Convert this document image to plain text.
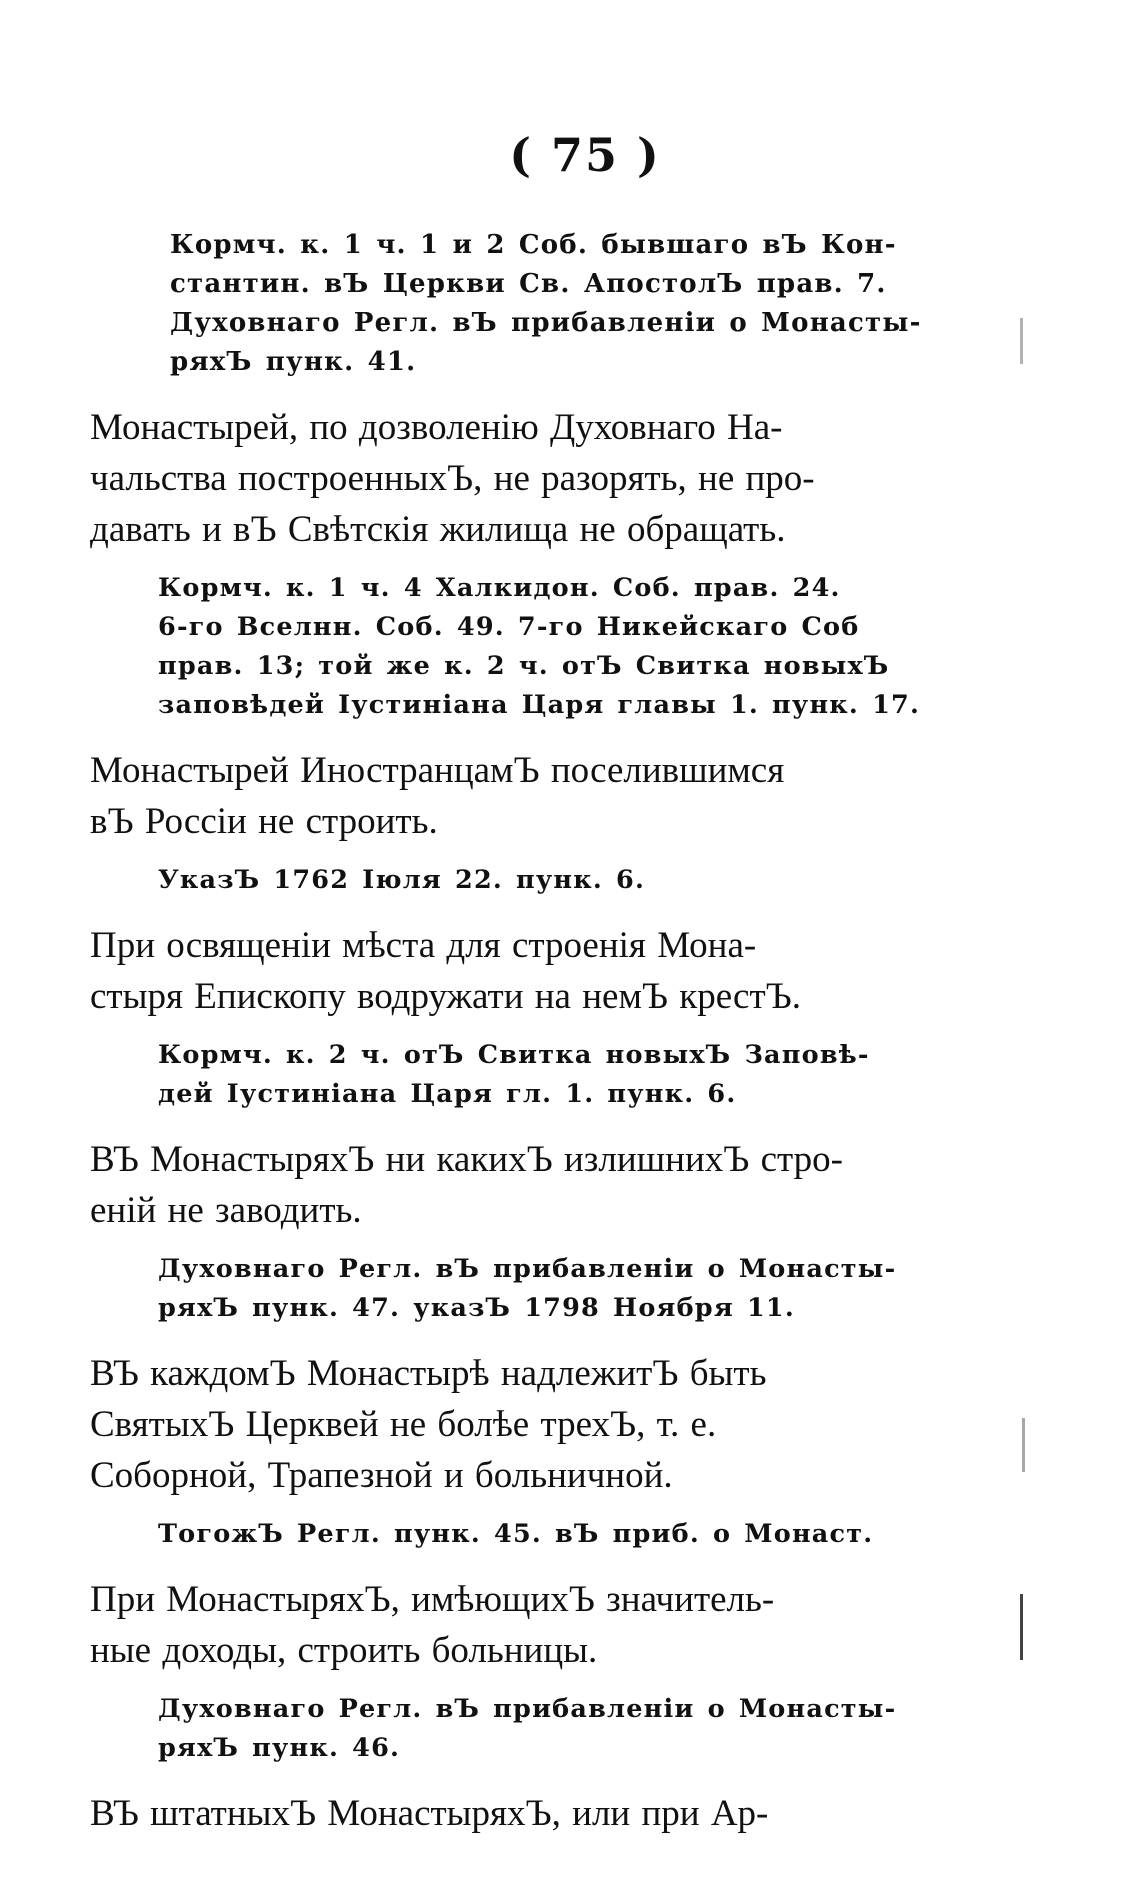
( 75 )
Кормч. к. 1 ч. 1 и 2 Соб. бывшаго вЪ Кон-
стантин. вЪ Церкви Св. АпостолЪ прав. 7.
Духовнаго Регл. вЪ прибавленіи о Монасты-
ряхЪ пунк. 41.
Монастырей, по дозволенію Духовнаго На-
чальства построенныхЪ, не разорять, не про-
давать и вЪ Свѣтскія жилища не обращать.
Кормч. к. 1 ч. 4 Халкидон. Соб. прав. 24.
6-го Вселнн. Соб. 49. 7-го Никейскаго Соб
прав. 13; той же к. 2 ч. отЪ Свитка новыхЪ
заповѣдей Іустиніана Царя главы 1. пунк. 17.
Монастырей ИностранцамЪ поселившимся
вЪ Россіи не строить.
УказЪ 1762 Іюля 22. пунк. 6.
При освященіи мѣста для строенія Мона-
стыря Епископу водружати на немЪ крестЪ.
Кормч. к. 2 ч. отЪ Свитка новыхЪ Заповѣ-
дей Іустиніана Царя гл. 1. пунк. 6.
ВЪ МонастыряхЪ ни какихЪ излишнихЪ стро-
еній не заводить.
Духовнаго Регл. вЪ прибавленіи о Монасты-
ряхЪ пунк. 47. указЪ 1798 Ноября 11.
ВЪ каждомЪ Монастырѣ надлежитЪ быть
СвятыхЪ Церквей не болѣе трехЪ, т. е.
Соборной, Трапезной и больничной.
ТогожЪ Регл. пунк. 45. вЪ приб. о Монаст.
При МонастыряхЪ, имѣющихЪ значитель-
ные доходы, строить больницы.
Духовнаго Регл. вЪ прибавленіи о Монасты-
ряхЪ пунк. 46.
ВЪ штатныхЪ МонастыряхЪ, или при Ар-
